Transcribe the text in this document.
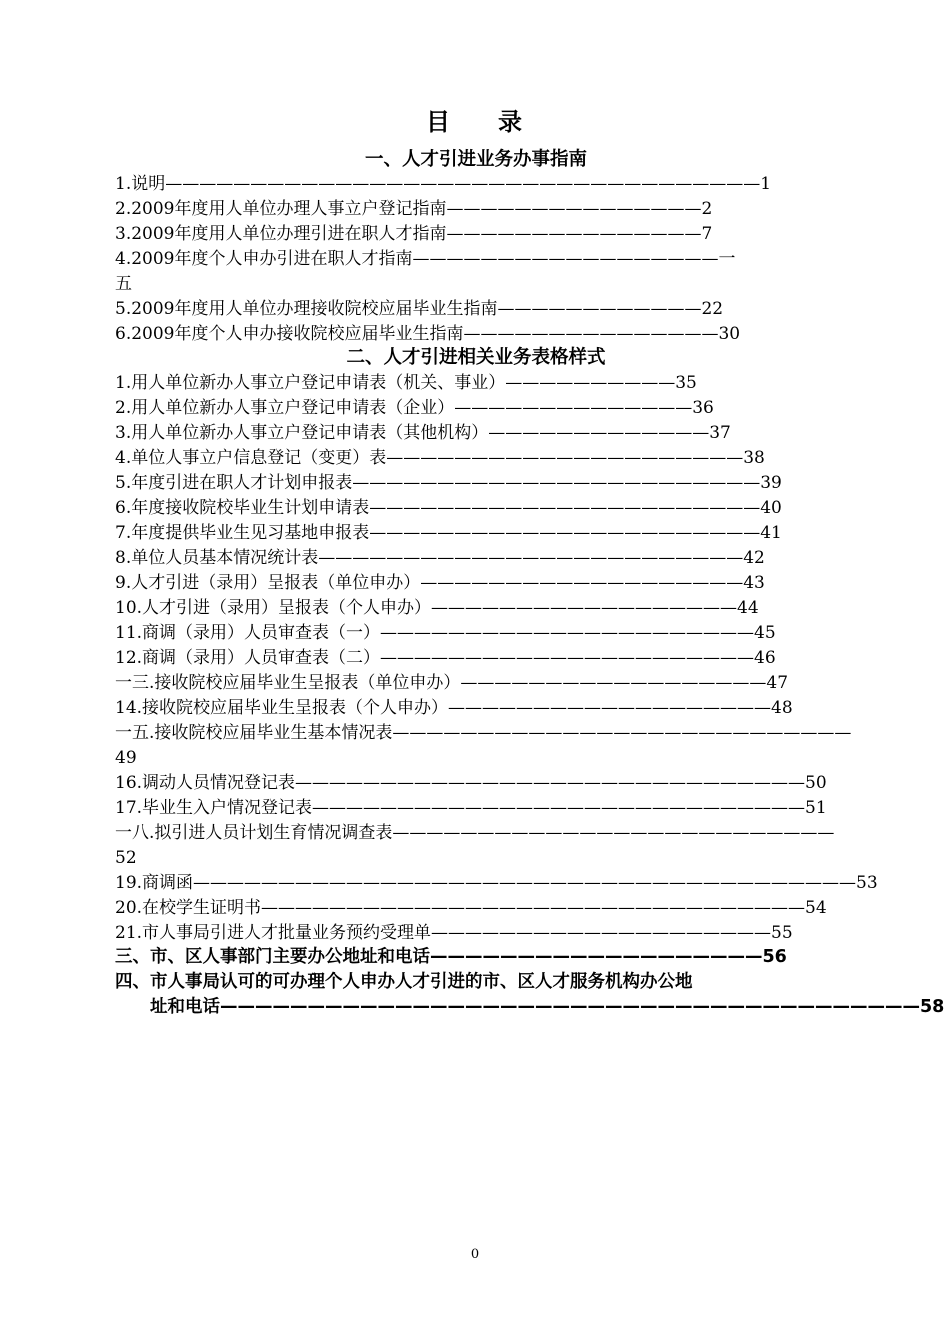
目 录
一、人才引进业务办事指南
1.说明———————————————————————————————————1
2.2009年度用人单位办理人事立户登记指南———————————————2
3.2009年度用人单位办理引进在职人才指南———————————————7
4.2009年度个人申办引进在职人才指南——————————————————一
五
5.2009年度用人单位办理接收院校应届毕业生指南————————————22
6.2009年度个人申办接收院校应届毕业生指南———————————————30
二、人才引进相关业务表格样式
1.用人单位新办人事立户登记申请表（机关、事业）——————————35
2.用人单位新办人事立户登记申请表（企业）——————————————36
3.用人单位新办人事立户登记申请表（其他机构）—————————————37
4.单位人事立户信息登记（变更）表—————————————————————38
5.年度引进在职人才计划申报表————————————————————————39
6.年度接收院校毕业生计划申请表———————————————————————40
7.年度提供毕业生见习基地申报表———————————————————————41
8.单位人员基本情况统计表—————————————————————————42
9.人才引进（录用）呈报表（单位申办）———————————————————43
10.人才引进（录用）呈报表（个人申办）——————————————————44
11.商调（录用）人员审查表（一）——————————————————————45
12.商调（录用）人员审查表（二）——————————————————————46
一三.接收院校应届毕业生呈报表（单位申办）——————————————————47
14.接收院校应届毕业生呈报表（个人申办）———————————————————48
一五.接收院校应届毕业生基本情况表———————————————————————————
49
16.调动人员情况登记表——————————————————————————————50
17.毕业生入户情况登记表—————————————————————————————51
一八.拟引进人员计划生育情况调查表——————————————————————————
52
19.商调函———————————————————————————————————————53
20.在校学生证明书————————————————————————————————54
21.市人事局引进人才批量业务预约受理单————————————————————55
三、市、区人事部门主要办公地址和电话———————————————————56
四、市人事局认可的可办理个人申办人才引进的市、区人才服务机构办公地
址和电话————————————————————————————————————————58
0
